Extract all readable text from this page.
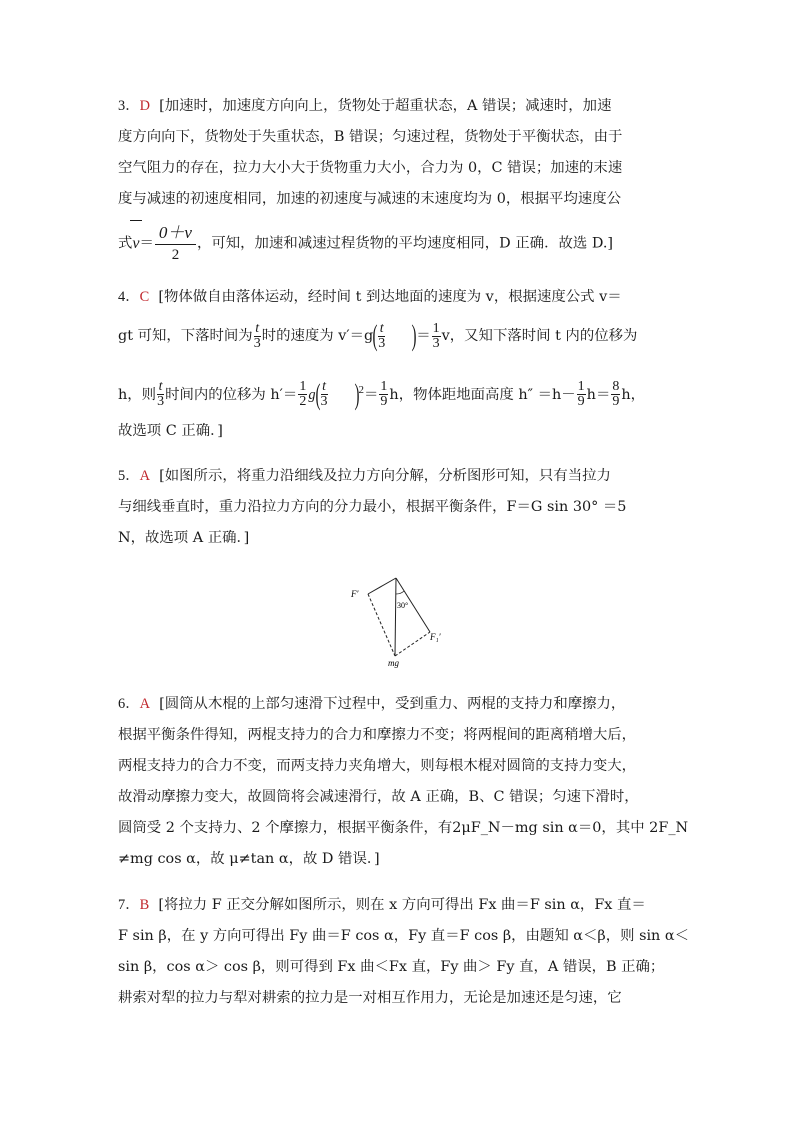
3．D [加速时，加速度方向向上，货物处于超重状态，A 错误；减速时，加速
度方向向下，货物处于失重状态，B 错误；匀速过程，货物处于平衡状态，由于
空气阻力的存在，拉力大小大于货物重力大小，合力为 0，C 错误；加速的末速
度与减速的初速度相同，加速的初速度与减速的末速度均为 0，根据平均速度公
式$v= \frac{0+v}{2}$ ，可知，加速和减速过程货物的平均速度相同，D 正确．故选 D.]
4．C [物体做自由落体运动，经时间 t 到达地面的速度为 v，根据速度公式 v＝
gt 可知，下落时间为 $\frac{t}{3}$ 时的速度为 $v'=g( \frac{t}{3}$ )＝ $\frac{1}{3}$ v，又知下落时间 t 内的位移为
h，则 $\frac{t}{3}$ 时间内的位移为 $h'= \frac{1}{2} g( \frac{t}{3} )^2= \frac{1}{9}$ h，物体距地面高度 $h'' =h- \frac{1}{9} h= \frac{8}{9}$ h，
故选项 C 正确．]
5．A [如图所示，将重力沿细线及拉力方向分解，分析图形可知，只有当拉力
与细线垂直时，重力沿拉力方向的分力最小，根据平衡条件，F＝G sin 30° ＝5
N，故选项 A 正确．]
F′
30°
F₁′
mg
6．A [圆筒从木棍的上部匀速滑下过程中，受到重力、两棍的支持力和摩擦力，
根据平衡条件得知，两棍支持力的合力和摩擦力不变；将两棍间的距离稍增大后，
两棍支持力的合力不变，而两支持力夹角增大，则每根木棍对圆筒的支持力变大，
故滑动摩擦力变大，故圆筒将会减速滑行，故 A 正确，B、C 错误；匀速下滑时，
圆筒受 2 个支持力、2 个摩擦力，根据平衡条件，有2μF_N－mg sin α＝0，其中 2F_N
≠mg cos α，故 μ≠tan α，故 D 错误．]
7．B [将拉力 F 正交分解如图所示，则在 x 方向可得出 Fx 曲＝F sin α，Fx 直＝
F sin β，在 y 方向可得出 Fy 曲＝F cos α，Fy 直＝F cos β，由题知 α＜β，则 sin α＜
sin β，cos α＞ cos β，则可得到 Fx 曲＜Fx 直，Fy 曲＞ Fy 直，A 错误，B 正确；
耕索对犁的拉力与犁对耕索的拉力是一对相互作用力，无论是加速还是匀速，它
